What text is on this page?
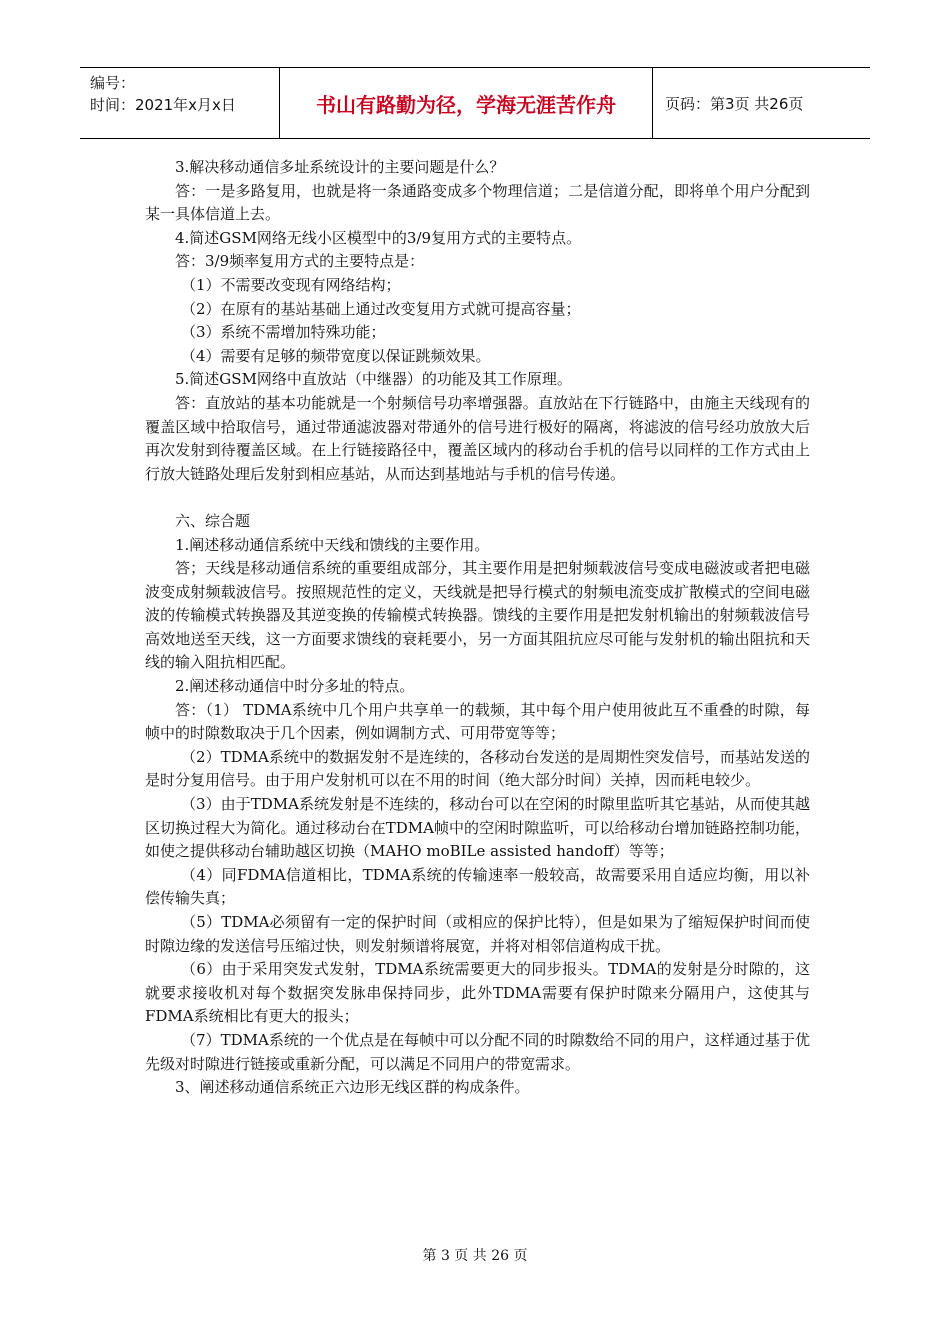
编号：
时间：2021年x月x日	书山有路勤为径，学海无涯苦作舟	页码：第3页 共26页

3.解决移动通信多址系统设计的主要问题是什么？

答：一是多路复用，也就是将一条通路变成多个物理信道；二是信道分配，即将单个用户分配到某一具体信道上去。

4.简述GSM网络无线小区模型中的3/9复用方式的主要特点。

答：3/9频率复用方式的主要特点是：

（1）不需要改变现有网络结构；

（2）在原有的基站基础上通过改变复用方式就可提高容量；

（3）系统不需增加特殊功能；

（4）需要有足够的频带宽度以保证跳频效果。

5.简述GSM网络中直放站（中继器）的功能及其工作原理。

答：直放站的基本功能就是一个射频信号功率增强器。直放站在下行链路中，由施主天线现有的覆盖区域中拾取信号，通过带通滤波器对带通外的信号进行极好的隔离，将滤波的信号经功放放大后再次发射到待覆盖区域。在上行链接路径中，覆盖区域内的移动台手机的信号以同样的工作方式由上行放大链路处理后发射到相应基站，从而达到基地站与手机的信号传递。

六、综合题

1.阐述移动通信系统中天线和馈线的主要作用。

答；天线是移动通信系统的重要组成部分，其主要作用是把射频载波信号变成电磁波或者把电磁波变成射频载波信号。按照规范性的定义，天线就是把导行模式的射频电流变成扩散模式的空间电磁波的传输模式转换器及其逆变换的传输模式转换器。馈线的主要作用是把发射机输出的射频载波信号高效地送至天线，这一方面要求馈线的衰耗要小，另一方面其阻抗应尽可能与发射机的输出阻抗和天线的输入阻抗相匹配。

2.阐述移动通信中时分多址的特点。

答：（1） TDMA系统中几个用户共享单一的载频，其中每个用户使用彼此互不重叠的时隙，每帧中的时隙数取决于几个因素，例如调制方式、可用带宽等等；

（2）TDMA系统中的数据发射不是连续的，各移动台发送的是周期性突发信号，而基站发送的是时分复用信号。由于用户发射机可以在不用的时间（绝大部分时间）关掉，因而耗电较少。

（3）由于TDMA系统发射是不连续的，移动台可以在空闲的时隙里监听其它基站，从而使其越区切换过程大为简化。通过移动台在TDMA帧中的空闲时隙监听，可以给移动台增加链路控制功能，如使之提供移动台辅助越区切换（MAHO moBILe assisted handoff）等等；

（4）同FDMA信道相比，TDMA系统的传输速率一般较高，故需要采用自适应均衡，用以补偿传输失真；

（5）TDMA必须留有一定的保护时间（或相应的保护比特），但是如果为了缩短保护时间而使时隙边缘的发送信号压缩过快，则发射频谱将展宽，并将对相邻信道构成干扰。

（6）由于采用突发式发射，TDMA系统需要更大的同步报头。TDMA的发射是分时隙的，这就要求接收机对每个数据突发脉串保持同步，此外TDMA需要有保护时隙来分隔用户，这使其与FDMA系统相比有更大的报头；

（7）TDMA系统的一个优点是在每帧中可以分配不同的时隙数给不同的用户，这样通过基于优先级对时隙进行链接或重新分配，可以满足不同用户的带宽需求。

3、阐述移动通信系统正六边形无线区群的构成条件。

第 3 页 共 26 页
